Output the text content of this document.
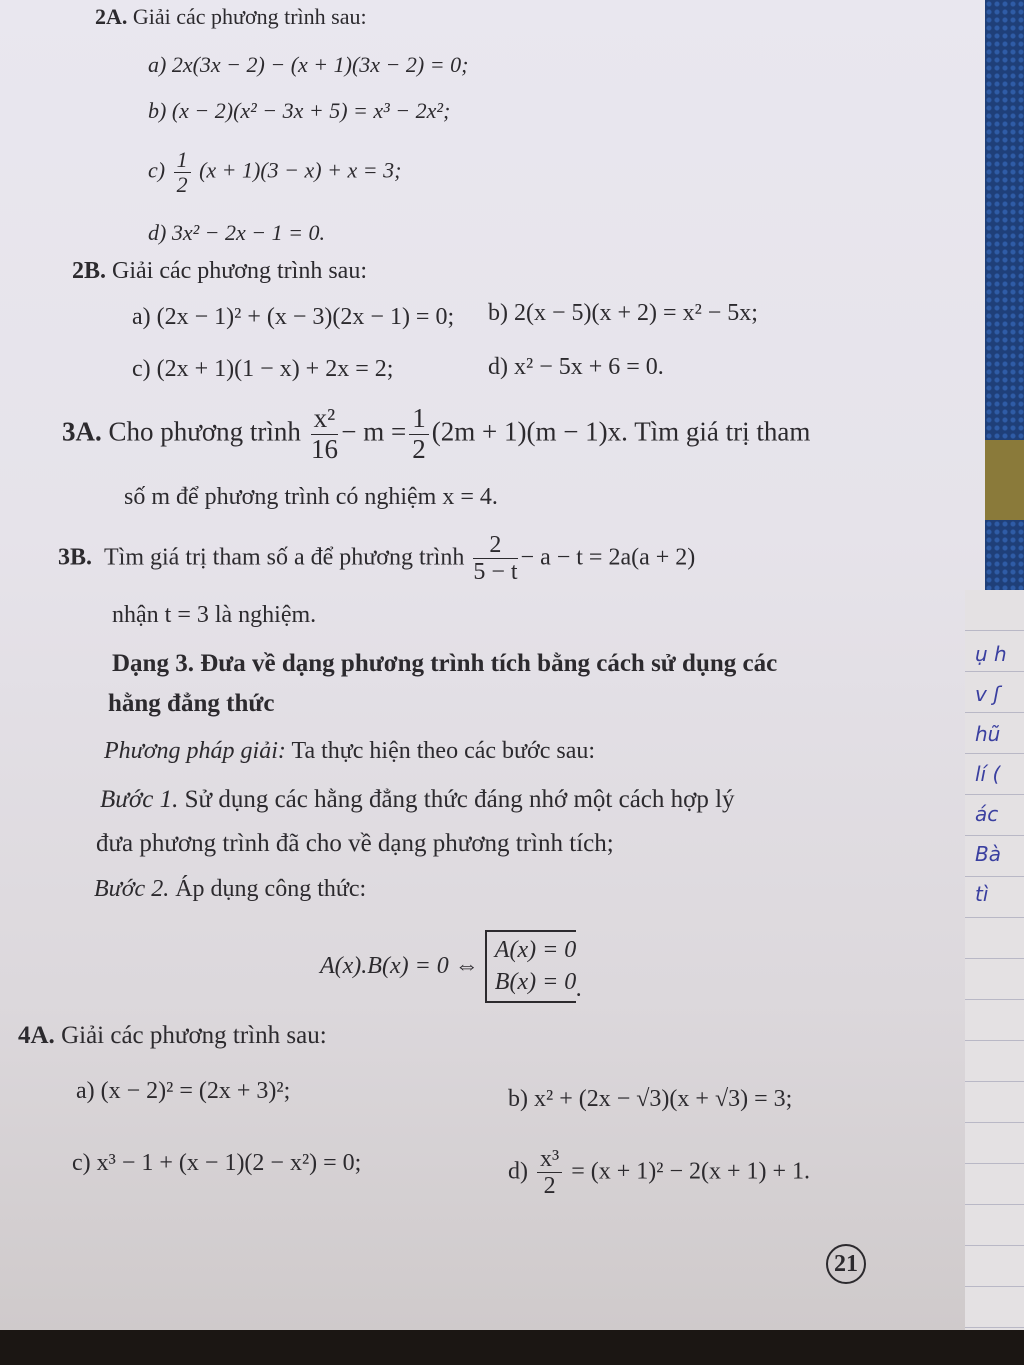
ụ h
ᴠ ʃ
hũ
lí (
ác
Bà
tì
2A. Giải các phương trình sau:
a) 2x(3x − 2) − (x + 1)(3x − 2) = 0;
b) (x − 2)(x² − 3x + 5) = x³ − 2x²;
$c) \frac{1}{2} (x + 1)(3 - x) + x = 3$;
d) 3x² − 2x − 1 = 0.
2B. Giải các phương trình sau:
a) (2x − 1)² + (x − 3)(2x − 1) = 0; b) 2(x − 5)(x + 2) = x² − 5x;
c) (2x + 1)(1 − x) + 2x = 2;	d) x² − 5x + 6 = 0.
3A. Cho phương trình $\frac{\text{x²}}{16} - m = \frac{1}{2} (2m + 1)(m - 1)x$. Tìm giá trị tham
số m để phương trình có nghiệm x = 4.
3B. Tìm giá trị tham số a để phương trình $\frac{2}{5 - t} - a - t = 2a(a + 2)$
nhận t = 3 là nghiệm.
Dạng 3. Đưa về dạng phương trình tích bằng cách sử dụng các
hằng đẳng thức
Phương pháp giải: Ta thực hiện theo các bước sau:
Bước 1. Sử dụng các hằng đẳng thức đáng nhớ một cách hợp lý
đưa phương trình đã cho về dạng phương trình tích;
Bước 2. Áp dụng công thức:
A(x).B(x) = 0 ⇔
A(x) = 0
B(x) = 0 .
4A. Giải các phương trình sau:
a) (x − 2)² = (2x + 3)²;	b) x² + (2x − √3)(x + √3) = 3;
c) x³ − 1 + (x − 1)(2 − x²) = 0;	$d) \frac{\text{x³}}{2} = (x + 1)^2 - 2(x + 1) + 1$.
21
